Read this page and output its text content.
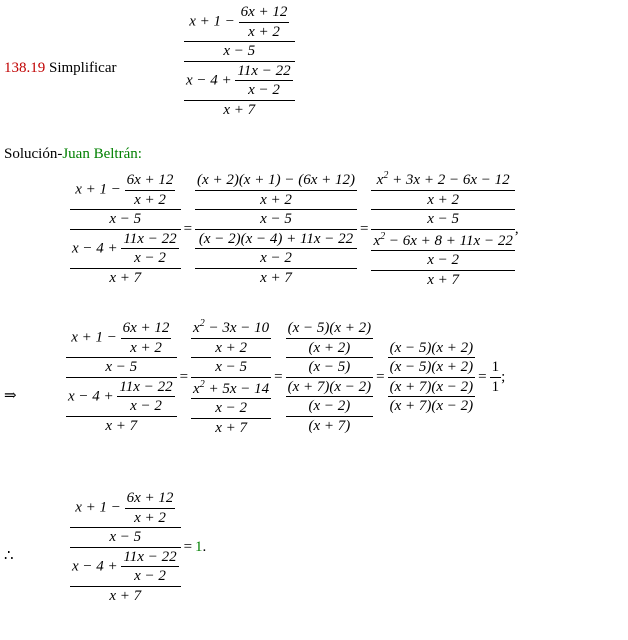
138.19 Simplificar
$x + 1 - \frac{6x + 12}{x + 2}$
x − 5
$x - 4 + \frac{11x - 22}{x - 2}$
x + 7
Solución-Juan Beltrán:
$x + 1 - \frac{6x + 12}{x + 2}$
x − 5
$x - 4 + \frac{11x - 22}{x - 2}$
x + 7
=
(x + 2)(x + 1) − (6x + 12)
x + 2
x − 5
(x − 2)(x − 4) + 11x − 22
x − 2
x + 7
=
$x^2 + 3x + 2 - 6x - 12$
x + 2
x − 5
$x^2 - 6x + 8 + 11x - 22$
x − 2
x + 7
,
⇒
$x + 1 - \frac{6x + 12}{x + 2}$
x − 5
$x - 4 + \frac{11x - 22}{x - 2}$
x + 7
=
$x^2 - 3x - 10$
x + 2
x − 5
$x^2 + 5x - 14$
x − 2
x + 7
=
(x − 5)(x + 2)
(x + 2)
(x − 5)
(x + 7)(x − 2)
(x − 2)
(x + 7)
=
(x − 5)(x + 2)
(x − 5)(x + 2)
(x + 7)(x − 2)
(x + 7)(x − 2)
= $\frac{1}{1}$ ;
∴
$x + 1 - \frac{6x + 12}{x + 2}$
x − 5
$x - 4 + \frac{11x - 22}{x - 2}$
x + 7
= 1 .
